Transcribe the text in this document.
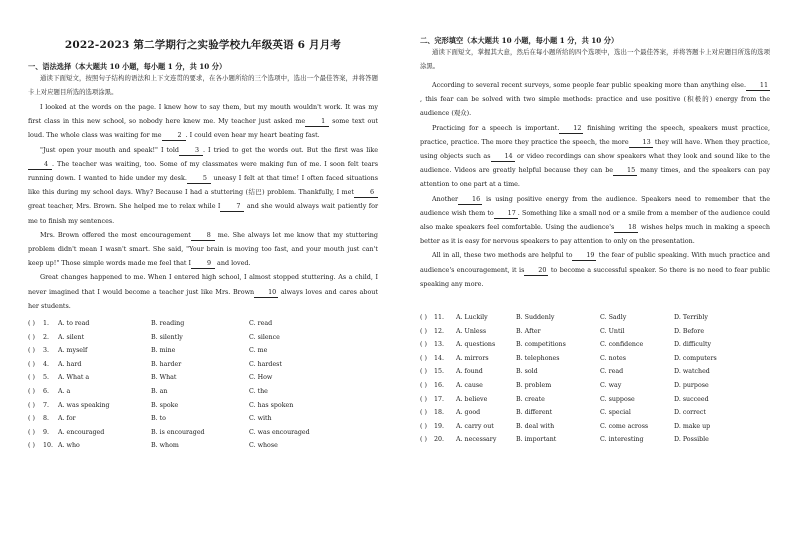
2022-2023 第二学期行之实验学校九年级英语 6 月月考
一、语法选择（本大题共 10 小题，每小题 1 分，共 10 分）

通读下面短文，按照句子结构的语法和上下文连贯的要求，在各小题所给的三个选项中，选出一个最佳答案，并将答题卡上对应题目所选的选项涂黑。

I looked at the words on the page. I knew how to say them, but my mouth wouldn't work. It was my first class in this new school, so nobody here knew me. My teacher just asked me 1 some text out loud. The whole class was waiting for me 2 . I could even hear my heart beating fast.

"Just open your mouth and speak!" I told 3 . I tried to get the words out. But the first was like4 . The teacher was waiting, too. Some of my classmates were making fun of me. I soon felt tears running down. I wanted to hide under my desk. 5 uneasy I felt at that time! I often faced situations like this during my school days. Why? Because I had a stuttering (结巴) problem. Thankfully, I met 6 great teacher, Mrs. Brown. She helped me to relax while I 7 and she would always wait patiently for me to finish my sentences.

Mrs. Brown offered the most encouragement 8 me. She always let me know that my stuttering problem didn't mean I wasn't smart. She said, "Your brain is moving too fast, and your mouth just can't keep up!" Those simple words made me feel that I 9 and loved.

Great changes happened to me. When I entered high school, I almost stopped stuttering. As a child, I never imagined that I would become a teacher just like Mrs. Brown 10 always loves and cares about her students.

( ) 1. A. to read	B. reading	C. read
( ) 2. A. silent	B. silently	C. silence
( ) 3. A. myself	B. mine	C. me
( ) 4. A. hard	B. harder	C. hardest
( ) 5. A. What a	B. What	C. How
( ) 6. A. a	B. an	C. the
( ) 7. A. was speaking	B. spoke	C. has spoken
( ) 8. A. for	B. to	C. with
( ) 9. A. encouraged	B. is encouraged	C. was encouraged
( ) 10. A. who	B. whom	C. whose
二、完形填空（本大题共 10 小题，每小题 1 分，共 10 分）

通读下面短文，掌握其大意，然后在每小题所给的四个选项中，选出一个最佳答案，并将答题卡上对应题目所选的选项涂黑。

According to several recent surveys, some people fear public speaking more than anything else. 11, this fear can be solved with two simple methods: practice and use positive (积极的) energy from the audience (观众).

Practicing for a speech is important. 12 finishing writing the speech, speakers must practice, practice, practice. The more they practice the speech, the more 13 they will have. When they practice, using objects such as 14 or video recordings can show speakers what they look and sound like to the audience. Videos are greatly helpful because they can be 15 many times, and the speakers can pay attention to one part at a time.

Another 16 is using positive energy from the audience. Speakers need to remember that the audience wish them to 17 . Something like a small nod or a smile from a member of the audience could also make speakers feel comfortable. Using the audience's 18 wishes helps much in making a speech better as it is easy for nervous speakers to pay attention to only on the presentation.

All in all, these two methods are helpful to 19 the fear of public speaking. With much practice and audience's encouragement, it is 20 to become a successful speaker. So there is no need to fear public speaking any more.

( ) 11. A. Luckily	B. Suddenly	C. Sadly	D. Terribly
( ) 12. A. Unless	B. After	C. Until	D. Before
( ) 13. A. questions	B. competitions	C. confidence	D. difficulty
( ) 14. A. mirrors	B. telephones	C. notes	D. computers
( ) 15. A. found	B. sold	C. read	D. watched
( ) 16. A. cause	B. problem	C. way	D. purpose
( ) 17. A. believe	B. create	C. suppose	D. succeed
( ) 18. A. good	B. different	C. special	D. correct
( ) 19. A. carry out	B. deal with	C. come across	D. make up
( ) 20. A. necessary	B. important	C. interesting	D. Possible
